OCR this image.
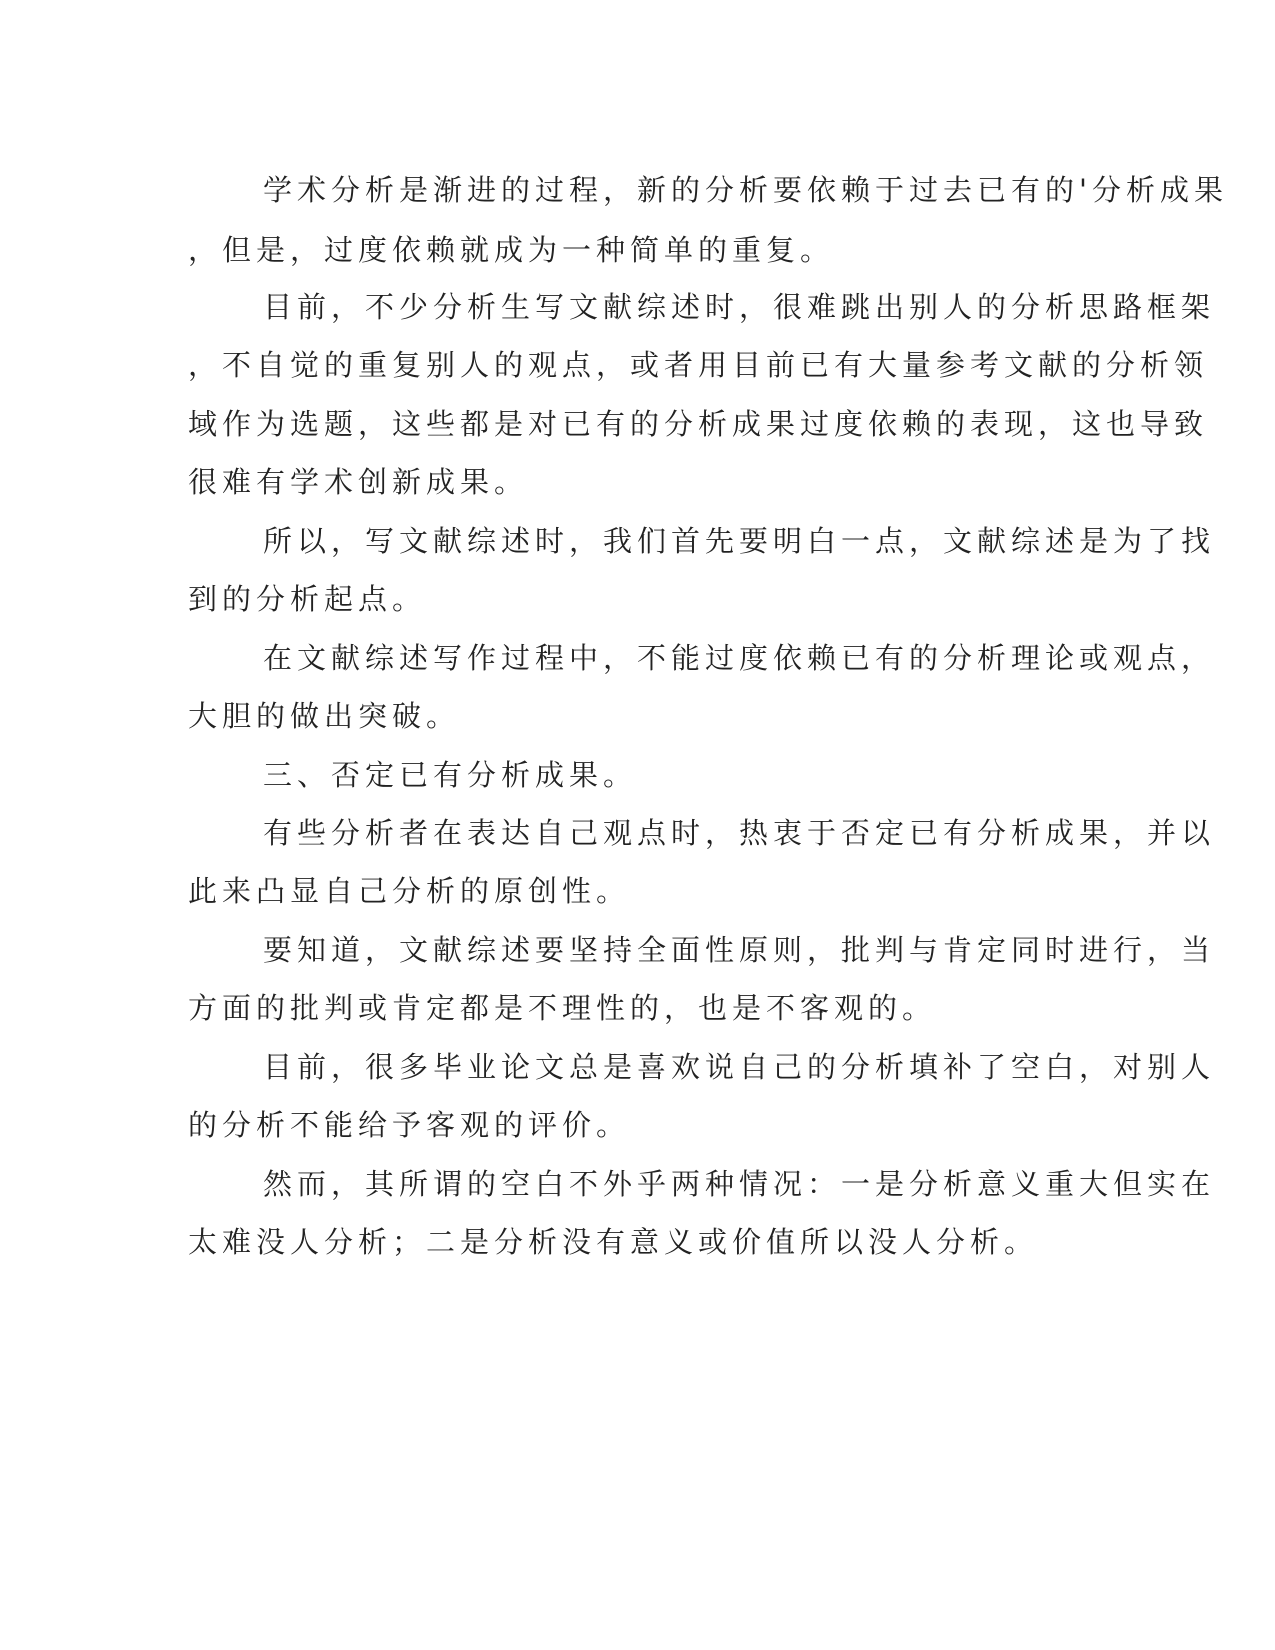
学术分析是渐进的过程，新的分析要依赖于过去已有的'分析成果

，但是，过度依赖就成为一种简单的重复。

目前，不少分析生写文献综述时，很难跳出别人的分析思路框架

，不自觉的重复别人的观点，或者用目前已有大量参考文献的分析领

域作为选题，这些都是对已有的分析成果过度依赖的表现，这也导致

很难有学术创新成果。

所以，写文献综述时，我们首先要明白一点，文献综述是为了找

到的分析起点。

在文献综述写作过程中，不能过度依赖已有的分析理论或观点，

大胆的做出突破。

三、否定已有分析成果。

有些分析者在表达自己观点时，热衷于否定已有分析成果，并以

此来凸显自己分析的原创性。

要知道，文献综述要坚持全面性原则，批判与肯定同时进行，当

方面的批判或肯定都是不理性的，也是不客观的。

目前，很多毕业论文总是喜欢说自己的分析填补了空白，对别人

的分析不能给予客观的评价。

然而，其所谓的空白不外乎两种情况：一是分析意义重大但实在

太难没人分析；二是分析没有意义或价值所以没人分析。
